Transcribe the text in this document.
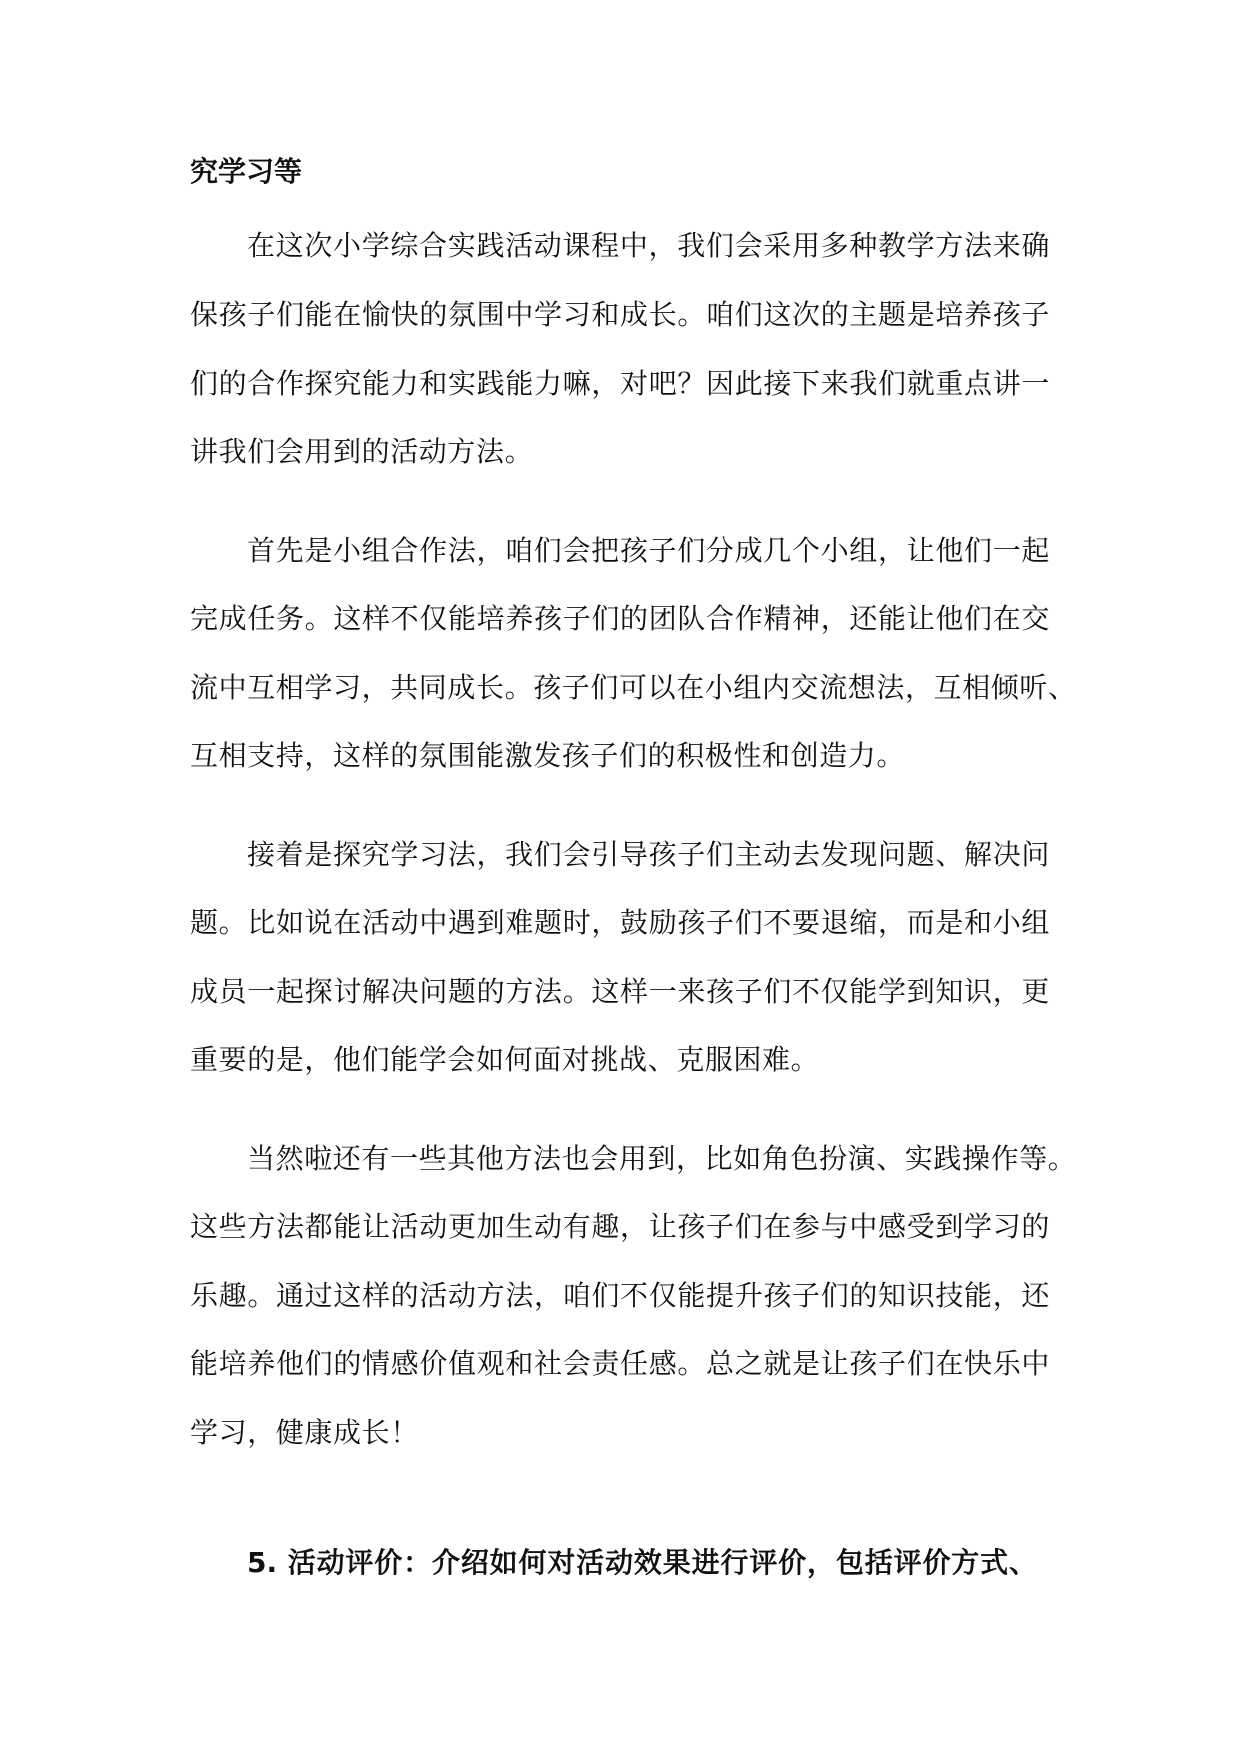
究学习等
在这次小学综合实践活动课程中，我们会采用多种教学方法来确
保孩子们能在愉快的氛围中学习和成长。咱们这次的主题是培养孩子
们的合作探究能力和实践能力嘛，对吧？因此接下来我们就重点讲一
讲我们会用到的活动方法。
首先是小组合作法，咱们会把孩子们分成几个小组，让他们一起
完成任务。这样不仅能培养孩子们的团队合作精神，还能让他们在交
流中互相学习，共同成长。孩子们可以在小组内交流想法，互相倾听、
互相支持，这样的氛围能激发孩子们的积极性和创造力。
接着是探究学习法，我们会引导孩子们主动去发现问题、解决问
题。比如说在活动中遇到难题时，鼓励孩子们不要退缩，而是和小组
成员一起探讨解决问题的方法。这样一来孩子们不仅能学到知识，更
重要的是，他们能学会如何面对挑战、克服困难。
当然啦还有一些其他方法也会用到，比如角色扮演、实践操作等。
这些方法都能让活动更加生动有趣，让孩子们在参与中感受到学习的
乐趣。通过这样的活动方法，咱们不仅能提升孩子们的知识技能，还
能培养他们的情感价值观和社会责任感。总之就是让孩子们在快乐中
学习，健康成长！
5. 活动评价：介绍如何对活动效果进行评价，包括评价方式、
